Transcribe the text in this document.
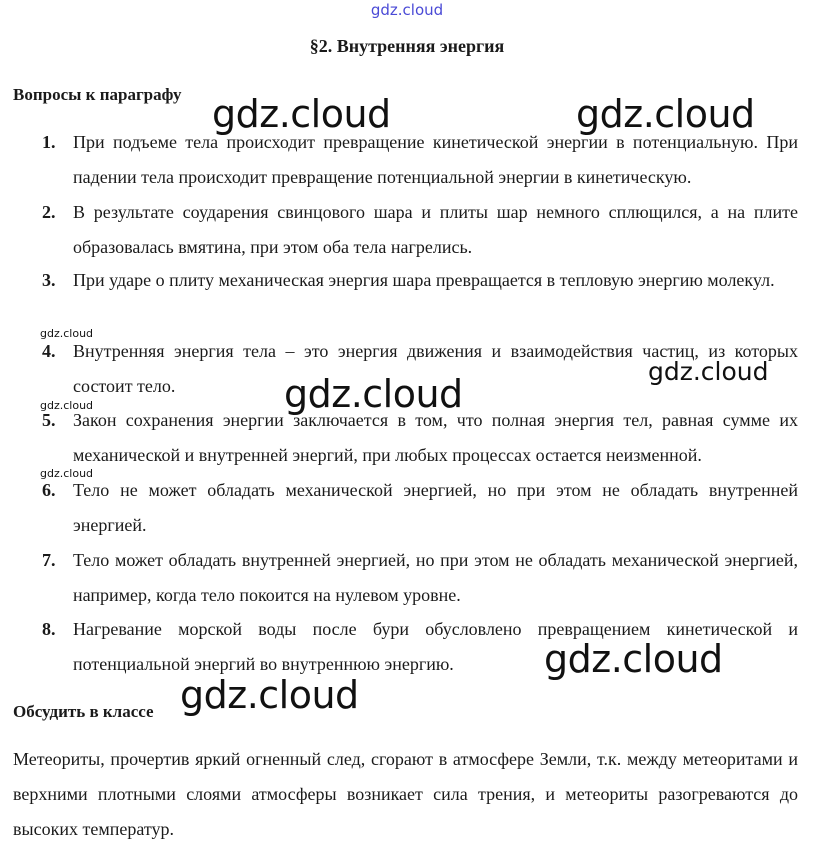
gdz.cloud
§2. Внутренняя энергия
Вопросы к параграфу
1. При подъеме тела происходит превращение кинетической энергии в потенциальную. При падении тела происходит превращение потенциальной энергии в кинетическую.

2. В результате соударения свинцового шара и плиты шар немного сплющился, а на плите образовалась вмятина, при этом оба тела нагрелись.

3. При ударе о плиту механическая энергия шара превращается в тепловую энергию молекул.

4. Внутренняя энергия тела – это энергия движения и взаимодействия частиц, из которых состоит тело.

5. Закон сохранения энергии заключается в том, что полная энергия тел, равная сумме их механической и внутренней энергий, при любых процессах остается неизменной.

6. Тело не может обладать механической энергией, но при этом не обладать внутренней энергией.

7. Тело может обладать внутренней энергией, но при этом не обладать механической энергией, например, когда тело покоится на нулевом уровне.

8. Нагревание морской воды после бури обусловлено превращением кинетической и потенциальной энергий во внутреннюю энергию.

Обсудить в классе

Метеориты, прочертив яркий огненный след, сгорают в атмосфере Земли, т.к. между метеоритами и верхними плотными слоями атмосферы возникает сила трения, и метеориты разогреваются до высоких температур.

gdz.cloud	gdz.cloud
gdz.cloud
gdz.cloud
gdz.cloud
gdz.cloud
gdz.cloud
gdz.cloud
gdz.cloud
